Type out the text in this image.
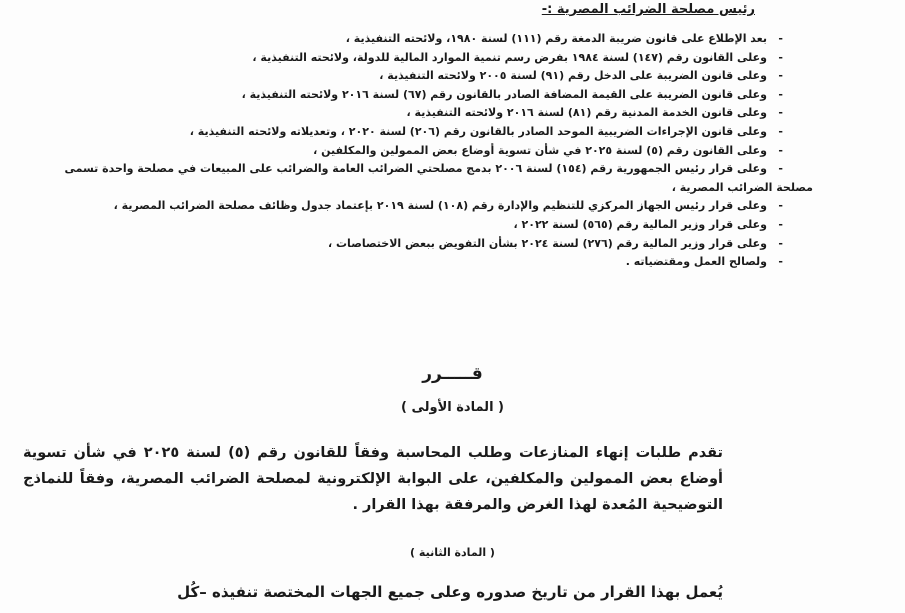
رئيس مصلحة الضرائب المصرية :-
-
بعد الإطلاع على قانون ضريبة الدمغة رقم (١١١) لسنة ١٩٨٠، ولائحته التنفيذية ،
-
وعلى القانون رقم (١٤٧) لسنة ١٩٨٤ بفرض رسم تنمية الموارد المالية للدولة، ولائحته التنفيذية ،
-
وعلى قانون الضريبة على الدخل رقم (٩١) لسنة ٢٠٠٥ ولائحته التنفيذية ،
-
وعلى قانون الضريبة على القيمة المضافة الصادر بالقانون رقم (٦٧) لسنة ٢٠١٦ ولائحته التنفيذية ،
-
وعلى قانون الخدمة المدنية رقم (٨١) لسنة ٢٠١٦ ولائحته التنفيذية ،
-
وعلى قانون الإجراءات الضريبية الموحد الصادر بالقانون رقم (٢٠٦) لسنة ٢٠٢٠ ، وتعديلاته ولائحته التنفيذية ،
-
وعلى القانون رقم (٥) لسنة ٢٠٢٥ في شأن تسوية أوضاع بعض الممولين والمكلفين ،
-
وعلى قرار رئيس الجمهورية رقم (١٥٤) لسنة ٢٠٠٦ بدمج مصلحتي الضرائب العامة والضرائب على المبيعات في مصلحة واحدة تسمى
مصلحة الضرائب المصرية ،
-
وعلى قرار رئيس الجهاز المركزي للتنظيم والإدارة رقم (١٠٨) لسنة ٢٠١٩ بإعتماد جدول وظائف مصلحة الضرائب المصرية ،
-
وعلى قرار وزير المالية رقم (٥٦٥) لسنة ٢٠٢٢ ،
-
وعلى قرار وزير المالية رقم (٢٧٦) لسنة ٢٠٢٤ بشأن التفويض ببعض الاختصاصات ،
-
ولصالح العمل ومقتضياته .
قـــــرر
( المادة الأولى )
تقدم طلبات إنهاء المنازعات وطلب المحاسبة وفقاً للقانون رقم (٥) لسنة ٢٠٢٥ في شأن تسوية أوضاع بعض الممولين والمكلفين، على البوابة الإلكترونية لمصلحة الضرائب المصرية، وفقاً للنماذج التوضيحية المُعدة لهذا الغرض والمرفقة بهذا القرار .
( المادة الثانية )
يُعمل بهذا القرار من تاريخ صدوره وعلى جميع الجهات المختصة تنفيذه –كُل
